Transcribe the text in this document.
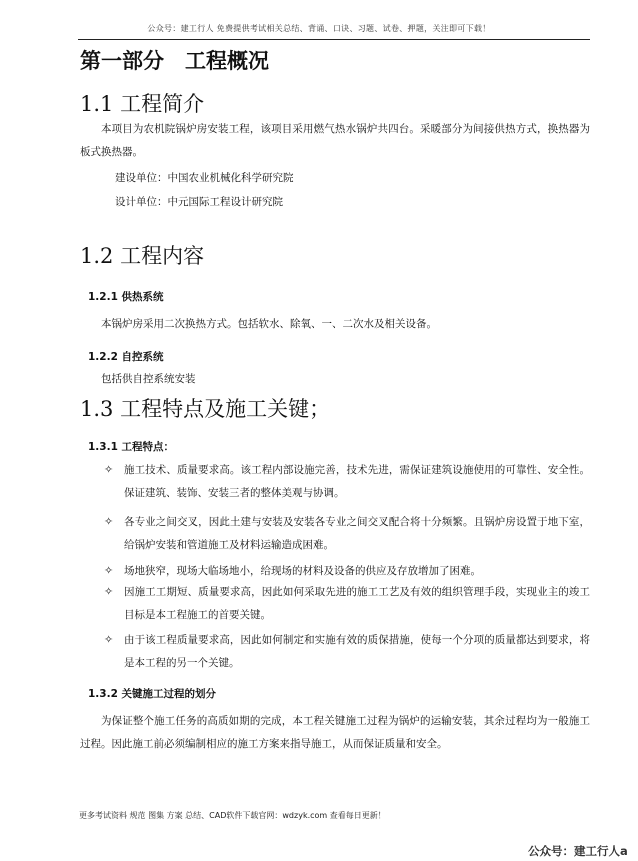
公众号：建工行人 免费提供考试相关总结、背诵、口诀、习题、试卷、押题，关注即可下载！
第一部分　工程概况
1.1 工程简介
本项目为农机院锅炉房安装工程，该项目采用燃气热水锅炉共四台。采暖部分为间接供热方式，换热器为板式换热器。
建设单位：中国农业机械化科学研究院
设计单位：中元国际工程设计研究院
1.2 工程内容
1.2.1 供热系统
本锅炉房采用二次换热方式。包括软水、除氧、一、二次水及相关设备。
1.2.2 自控系统
包括供自控系统安装
1.3 工程特点及施工关键；
1.3.1 工程特点：
✧ 施工技术、质量要求高。该工程内部设施完善，技术先进，需保证建筑设施使用的可靠性、安全性。保证建筑、装饰、安装三者的整体美观与协调。
✧ 各专业之间交叉，因此土建与安装及安装各专业之间交叉配合将十分频繁。且锅炉房设置于地下室，给锅炉安装和管道施工及材料运输造成困难。
✧ 场地狭窄，现场大临场地小，给现场的材料及设备的供应及存放增加了困难。
✧ 因施工工期短、质量要求高，因此如何采取先进的施工工艺及有效的组织管理手段，实现业主的竣工目标是本工程施工的首要关键。
✧ 由于该工程质量要求高，因此如何制定和实施有效的质保措施，使每一个分项的质量都达到要求，将是本工程的另一个关键。
1.3.2 关键施工过程的划分
为保证整个施工任务的高质如期的完成，本工程关键施工过程为锅炉的运输安装，其余过程均为一般施工过程。因此施工前必须编制相应的施工方案来指导施工，从而保证质量和安全。
更多考试资料 规范 图集 方案 总结、CAD软件下载官网：wdzyk.com 查看每日更新！
公众号：建工行人a
